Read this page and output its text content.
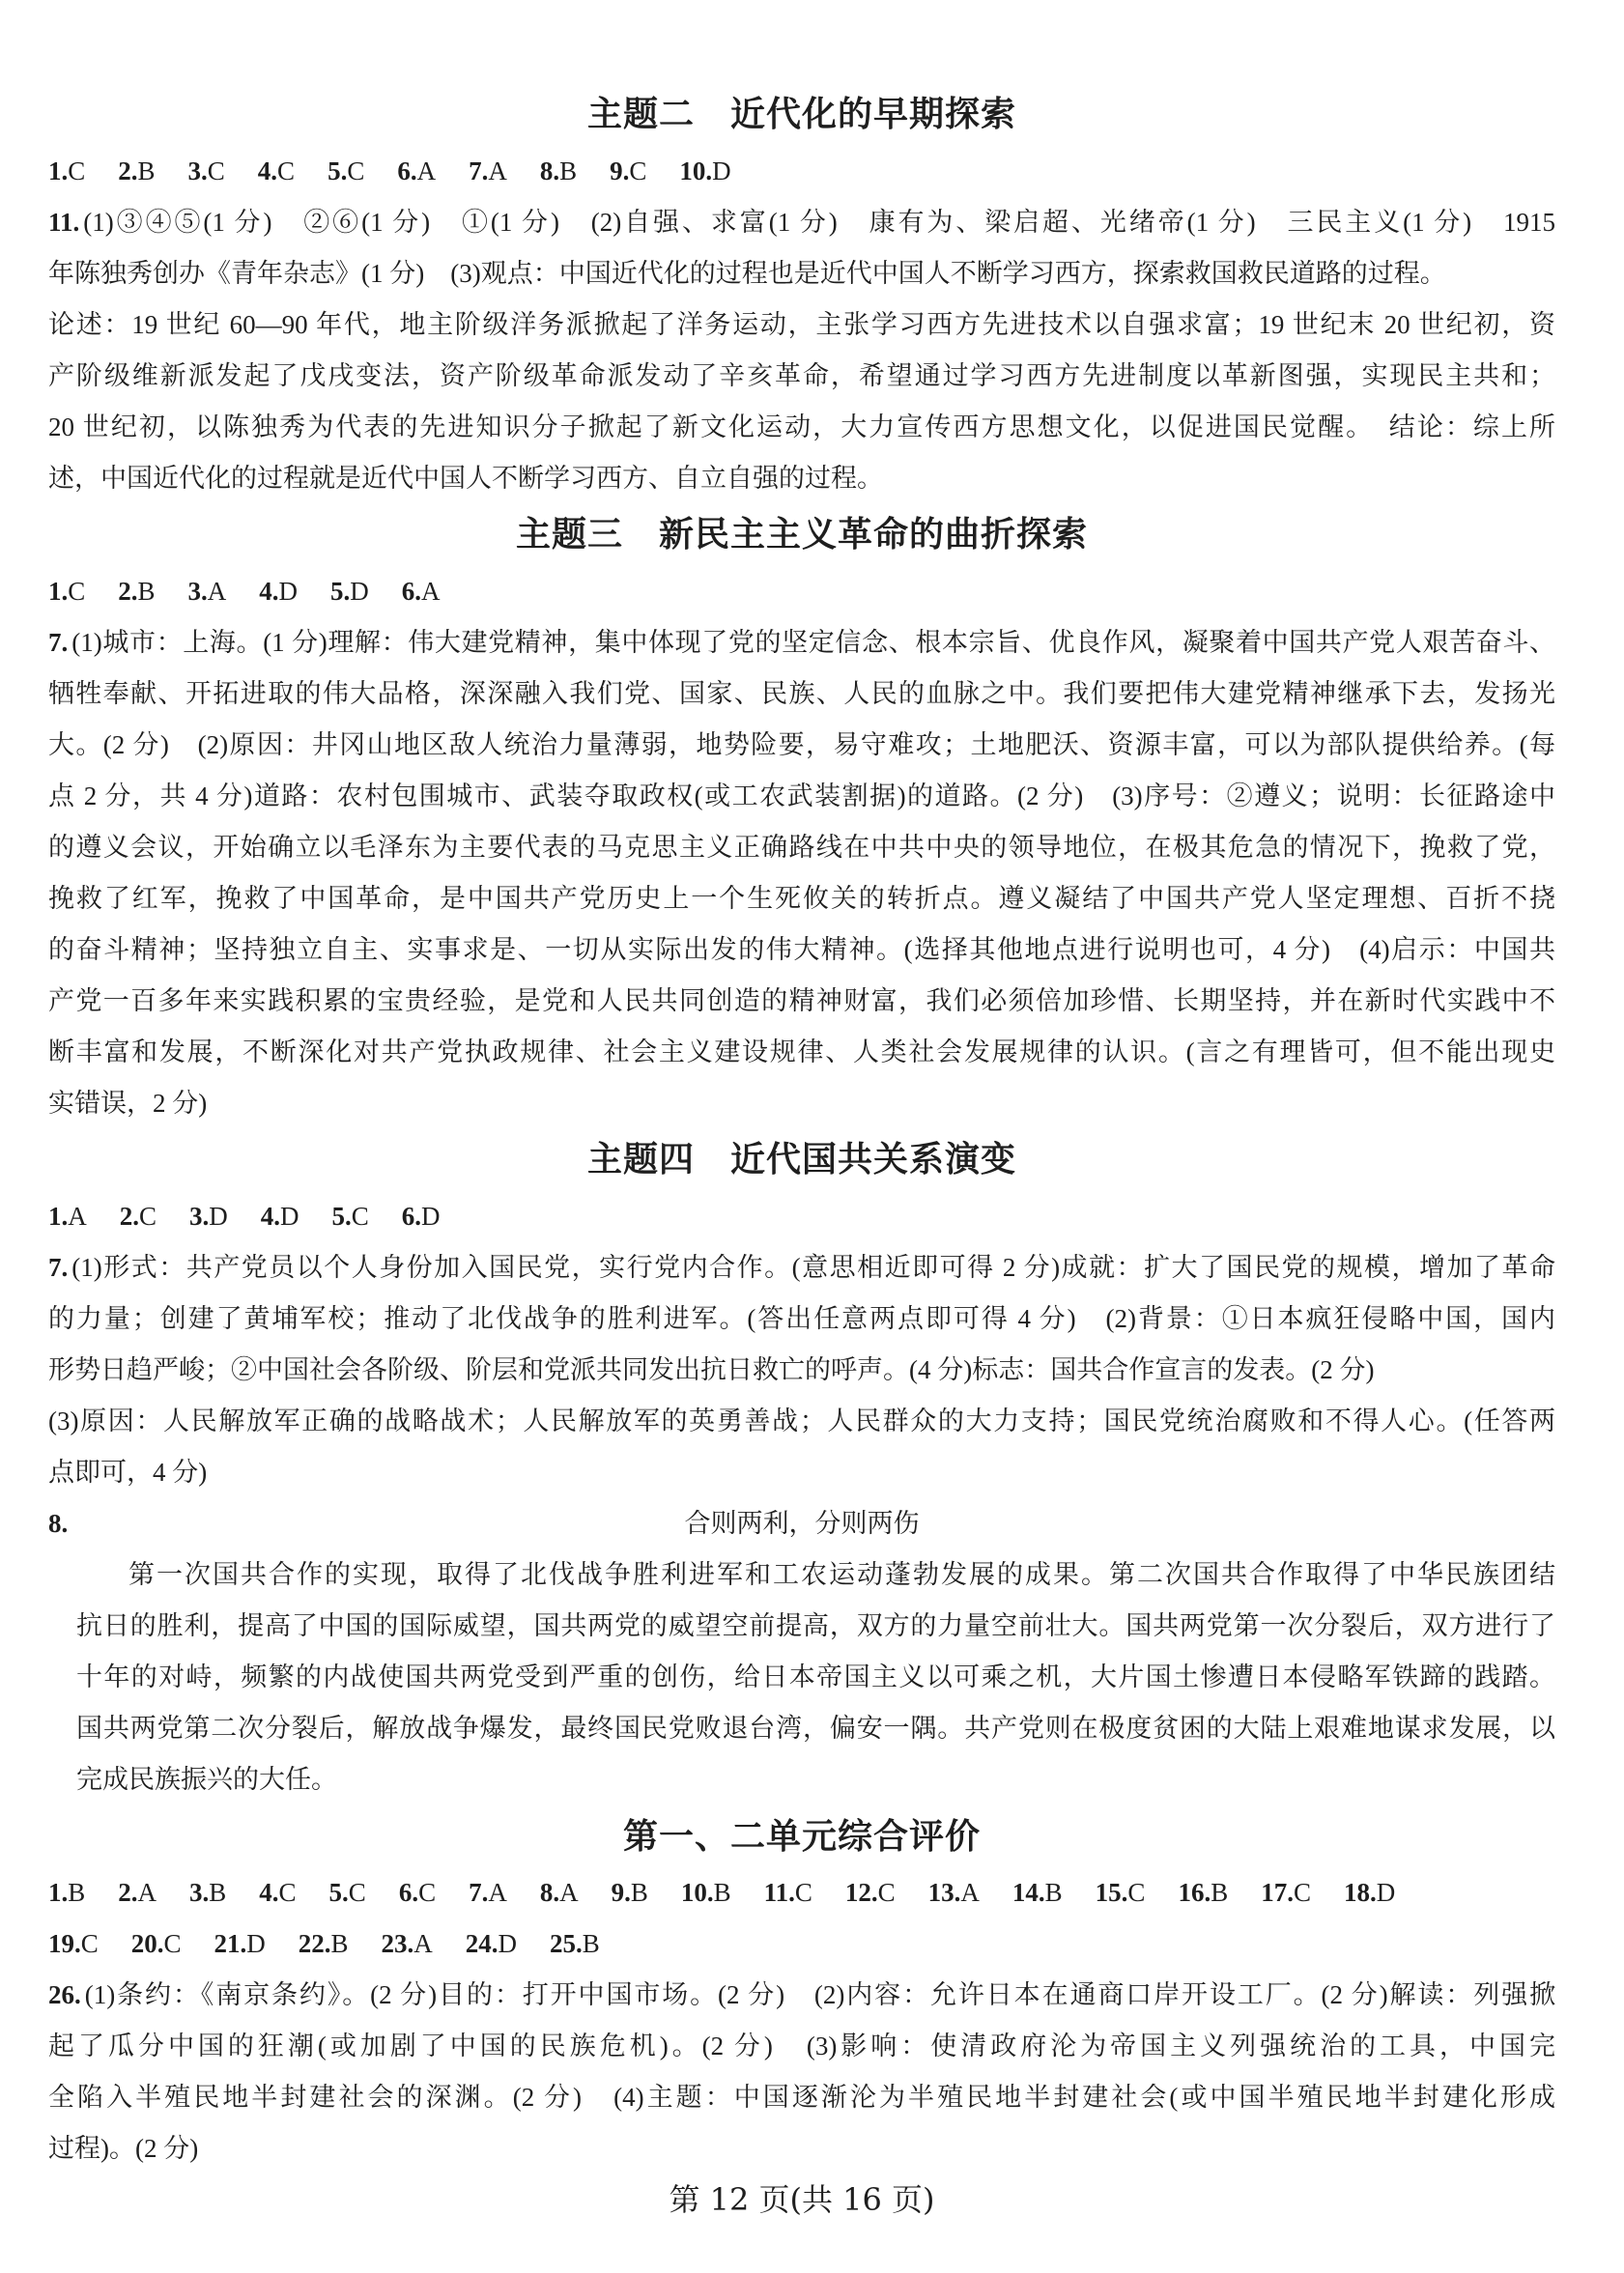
主题二　近代化的早期探索
1.C 2.B 3.C 4.C 5.C 6.A 7.A 8.B 9.C 10.D
11. (1)③④⑤(1 分)　②⑥(1 分)　①(1 分)　(2)自强、求富(1 分)　康有为、梁启超、光绪帝(1 分)　三民主义(1 分)　1915
年陈独秀创办《青年杂志》(1 分)　(3)观点：中国近代化的过程也是近代中国人不断学习西方，探索救国救民道路的过程。
论述：19 世纪 60—90 年代，地主阶级洋务派掀起了洋务运动，主张学习西方先进技术以自强求富；19 世纪末 20 世纪初，资
产阶级维新派发起了戊戌变法，资产阶级革命派发动了辛亥革命，希望通过学习西方先进制度以革新图强，实现民主共和；
20 世纪初，以陈独秀为代表的先进知识分子掀起了新文化运动，大力宣传西方思想文化，以促进国民觉醒。　结论：综上所
述，中国近代化的过程就是近代中国人不断学习西方、自立自强的过程。
主题三　新民主主义革命的曲折探索
1.C 2.B 3.A 4.D 5.D 6.A
7. (1)城市：上海。(1 分)理解：伟大建党精神，集中体现了党的坚定信念、根本宗旨、优良作风，凝聚着中国共产党人艰苦奋斗、
牺牲奉献、开拓进取的伟大品格，深深融入我们党、国家、民族、人民的血脉之中。我们要把伟大建党精神继承下去，发扬光
大。(2 分)　(2)原因：井冈山地区敌人统治力量薄弱，地势险要，易守难攻；土地肥沃、资源丰富，可以为部队提供给养。(每
点 2 分，共 4 分)道路：农村包围城市、武装夺取政权(或工农武装割据)的道路。(2 分)　(3)序号：②遵义；说明：长征路途中
的遵义会议，开始确立以毛泽东为主要代表的马克思主义正确路线在中共中央的领导地位，在极其危急的情况下，挽救了党，
挽救了红军，挽救了中国革命，是中国共产党历史上一个生死攸关的转折点。遵义凝结了中国共产党人坚定理想、百折不挠
的奋斗精神；坚持独立自主、实事求是、一切从实际出发的伟大精神。(选择其他地点进行说明也可，4 分)　(4)启示：中国共
产党一百多年来实践积累的宝贵经验，是党和人民共同创造的精神财富，我们必须倍加珍惜、长期坚持，并在新时代实践中不
断丰富和发展，不断深化对共产党执政规律、社会主义建设规律、人类社会发展规律的认识。(言之有理皆可，但不能出现史
实错误，2 分)
主题四　近代国共关系演变
1.A 2.C 3.D 4.D 5.C 6.D
7. (1)形式：共产党员以个人身份加入国民党，实行党内合作。(意思相近即可得 2 分)成就：扩大了国民党的规模，增加了革命
的力量；创建了黄埔军校；推动了北伐战争的胜利进军。(答出任意两点即可得 4 分)　(2)背景：①日本疯狂侵略中国，国内
形势日趋严峻；②中国社会各阶级、阶层和党派共同发出抗日救亡的呼声。(4 分)标志：国共合作宣言的发表。(2 分)
(3)原因：人民解放军正确的战略战术；人民解放军的英勇善战；人民群众的大力支持；国民党统治腐败和不得人心。(任答两
点即可，4 分)
8.	合则两利，分则两伤
第一次国共合作的实现，取得了北伐战争胜利进军和工农运动蓬勃发展的成果。第二次国共合作取得了中华民族团结
抗日的胜利，提高了中国的国际威望，国共两党的威望空前提高，双方的力量空前壮大。国共两党第一次分裂后，双方进行了
十年的对峙，频繁的内战使国共两党受到严重的创伤，给日本帝国主义以可乘之机，大片国土惨遭日本侵略军铁蹄的践踏。
国共两党第二次分裂后，解放战争爆发，最终国民党败退台湾，偏安一隅。共产党则在极度贫困的大陆上艰难地谋求发展，以
完成民族振兴的大任。
第一、二单元综合评价
1.B 2.A 3.B 4.C 5.C 6.C 7.A 8.A 9.B 10.B 11.C 12.C 13.A 14.B 15.C 16.B 17.C 18.D
19.C 20.C 21.D 22.B 23.A 24.D 25.B
26. (1)条约：《南京条约》。(2 分)目的：打开中国市场。(2 分)　(2)内容：允许日本在通商口岸开设工厂。(2 分)解读：列强掀
起了瓜分中国的狂潮(或加剧了中国的民族危机)。(2 分)　(3)影响：使清政府沦为帝国主义列强统治的工具，中国完
全陷入半殖民地半封建社会的深渊。(2 分)　(4)主题：中国逐渐沦为半殖民地半封建社会(或中国半殖民地半封建化形成
过程)。(2 分)
第 12 页(共 16 页)
